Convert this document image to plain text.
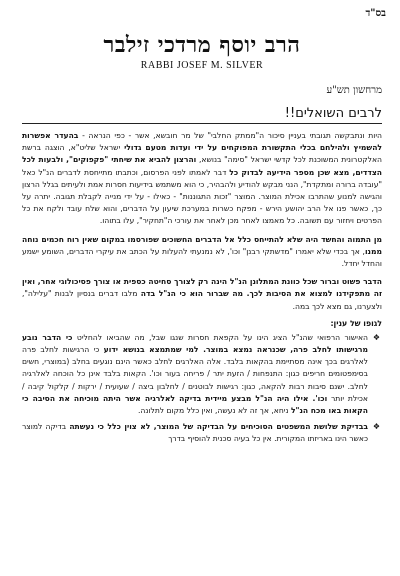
בס"ד
הרב יוסף מרדכי זילבר
RABBI JOSEF M. SILVER
מרחשון תש"ע
לרבים השואלים!!

היות ונתבקשה תגובתי בעניין סיכור ה"ממתק החלבי" של מר חובשא, אשר - כפי הנראה - בהעדר אפשרות להשמיץ ולהילחם בכלי התקשורת המפוקחים על ידי ועדות מטעם גדולי ישראל שליט"א, הוצגה ברשת האלקטרונית המשוכנת לכל קדשי ישראל "סימה" בנושא, והרצון להביא את שיחתי "פקפוקים", ולבעות לכל הצדדים, מצא שכן מספר הידיעה לבדוק כל דבר לאמתו לפני הפרסום, וכתבתו מתייחסת לדברים הנ"ל כאל "עובדה ברורה ומתקדת", הנני מבקש להודיע ולהבהיר, כי הוא משתמש בידיעות חסרות אמת ולעיתים בגלל הרצון והגישה למנוע שהתרבו אכילת המוצר. המוצר "זכות התגוננות" - כאילו - על ידי מנייה לקבלת תגובה. יתרה על כך, כאשר פנו אל הרב יהושע הירש - מפקח כשרות במערכת שיעון על הדברים, והוא שלח עובד ולקח את כל הפרטים ויחזור עם תשובה. כל מאמצו לאחר מכן לאחר את עורכי ה"תחקיר", עלו בתוהו.

מן התמוה והחשד היה שלא להתייחס כלל אל הדברים החשוכים שפורסמו במקום שאין רוח חכמים נוחה ממנו, אך בכדי שלא יאמרו "מדשתקי רבנן" וכו', לא נמנעתי להעלות על הכתב את עיקרי הדברים, השומע ישמע והחדל יחדל.

הדבר פשוט וברור שכל כוונת המתלונן הנ"ל הינה רק לצורך סחיטה כספית או צורך פסיכולוגי אחר, ואין זה מתפקידנו למצוא את הסיבות לכך. מה שברור הוא כי הנ"ל בדה מלבו דברים בנסיון לבנות "עלילה", ולצערנו, גם מצא לכך במה.

לגופו של ענין:
❖
האישור הרפואי שהנ"ל הציג הינו על הקפאת חסרות שנגו שבל, מה שהביאו להחליט כי הדבר נובע מרגישותו לחלב פרה, שכנראה נמצא במוצר. למי שמתמצא בנושא ידוע כי הרגישות לחלב פרה לאלרגים בכך אינה מסתיימת בהקאות בלבד. אלה האלרגים לחלב כאשר הינם נוגעים בחלב (במוצרי, חשים בסימפטומים חריפים כגון: התנפחות / הזעת יתר / פריחה בעור וכו'. הקאות בלבד אינן כל הוכחה לאלרגיה לחלב. ישנם סיבות רבות להקאה, כגון: רגישות לבוטנים / לחלבון ביצה / שעועית / ירקות / קלקול קיבה / אכילת יותר וכו'. אילו היה הנ"ל מבצע מיידית בדיקה לאלרגיה אשר היתה מוכיחה את הסיבה כי הקאות באו מכח הנ"ל ניחא, אך זה לא נעשה, ואין כלל מקום לתלונה.
❖
בבדיקת שלושת המשפטים הסוכיחים על הבדיקה של המוצר, לא צוין כלל כי נעשתה בדיקה למוצר כאשר הינו באריזתו המקורית. אין כל בעיה סכנית להוסיף בדרך
